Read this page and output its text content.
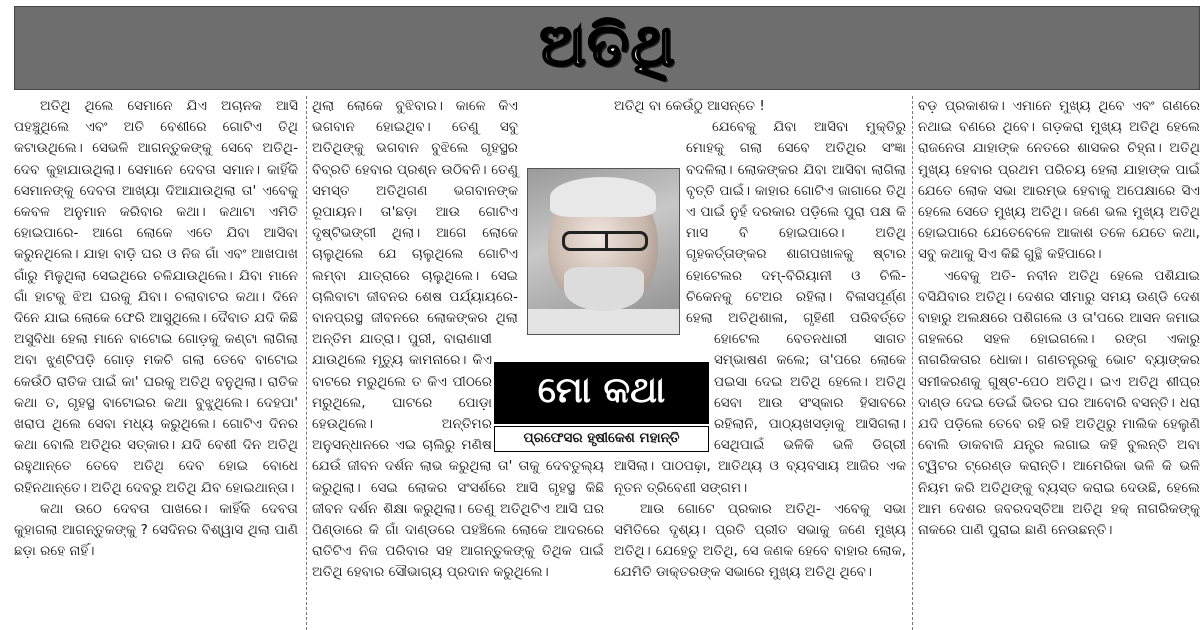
ଅତିଥି

ଅତିଥି ଥିଲେ ସେମାନେ ଯିଏ ଅଚାନକ ଆସି ପହଞ୍ଚୁଥିଲେ ଏବଂ ଅତି ବେଶୀରେ ଗୋଟିଏ ତିଥି କଟାଉଥିଲେ। ସେଭଳି ଆଗନ୍ତୁକଙ୍କୁ ସେବେ ଅତିଥି-ଦେବ କୁହାଯାଉଥିଲା। ସେମାନେ ଦେବତା ସମାନ। କାହିଁକି ସେମାନଙ୍କୁ ଦେବତା ଆଖ୍ୟା ଦିଆଯାଉଥିଲା ତା' ଏବେକୁ କେବଳ ଅନୁମାନ କରିବାର କଥା। କଥାଟା ଏମିତି ହୋଇପାରେ- ଆଗେ ଲୋକେ ଏତେ ଯିବା ଆସିବା କରୁନଥିଲେ। ଯାହା ବାଡ଼ି ଘର ଓ ନିଜ ଗାଁ ଏବଂ ଆଖପାଖ ଗାଁରୁ ମିଳୁଥିଲା ସେଇଥିରେ ଚଳିଯାଉଥିଲେ। ଯିବା ମାନେ ଗାଁ ହାଟକୁ ଝିଅ ଘରକୁ ଯିବା। ଚଲାବାଟର କଥା। ଦିନେ ଦିନେ ଯାଇ ଲୋକେ ଫେରି ଆସୁଥିଲେ। ଦୈବାତ ଯଦି କିଛି ଅସୁବିଧା ହେଲା ମାନେ ବାଟୋଇ ଗୋଡ଼କୁ କଣ୍ଟା ଲାଗିଲା ଅବା ଝୁଣ୍ଟିପଡ଼ି ଗୋଡ଼ ମକଚି ଗଲା ତେବେ ବାଟୋଇ କେଉଁଠି ରାତିକ ପାଇଁ କା' ଘରକୁ ଅତିଥି ବନୁଥିଲା। ରାତିକ କଥା ତ, ଗୃହସ୍ଥ ବାଟୋଇର କଥା ବୁଝୁଥିଲେ। ଦେହପା' ଖରାପ ଥିଲେ ସେବା ମଧ୍ୟ କରୁଥିଲେ। ଗୋଟିଏ ଦିନର କଥା ବୋଲି ଅତିଥିର ସତ୍କାର। ଯଦି ବେଶୀ ଦିନ ଅତିଥି ରହୁଥାନ୍ତେ ତେବେ ଅତିଥି ଦେବ ହୋଇ ବୋଧେ ରହିନଥାନ୍ତେ। ଅତିଥି ଦେବରୁ ଅତିଥି ଯିବ ହୋଇଥାନ୍ତା।

କଥା ଉଠେ ଦେବତା ପାଖରେ। କାହିଁକି ଦେବତା କୁହାଗଲା ଆଗନ୍ତୁକଙ୍କୁ ? ସେଦିନର ବିଶ୍ୱାସ ଥିଲା ପାଣି ଛଡ଼ା ରହେ ନାହିଁ।

ଥିଲା ଲୋକେ ବୁଝିବାର। କାଳେ କିଏ ଭଗବାନ ହୋଇଥିବ। ତେଣୁ ସବୁ ଅତିଥିଙ୍କୁ ଭଗବାନ ବୁଝିଲେ ଗୃହସ୍ଥର ବିବ୍ରତି ହେବାର ପ୍ରଶ୍ନ ଉଠିବନି। ତେଣୁ ସମସ୍ତ ଅତିଥିଗଣ ଭଗବାନଙ୍କ ରୂପାୟନ। ତା'ଛଡ଼ା ଆଉ ଗୋଟିଏ ଦୃଷ୍ଟିଭଙ୍ଗୀ ଥିଲା। ଆଗେ ଲୋକେ ଚାଲୁଥିଲେ ଯେ ଚାଲୁଥିଲେ ଗୋଟିଏ ଲମ୍ବା ଯାତ୍ରାରେ ଚାଲୁଥିଲେ। ସେଇ ଚାଲିବାଟା ଜୀବନର ଶେଷ ପର୍ଯ୍ୟାୟରେ- ବାନପ୍ରସ୍ଥ ଜୀବନରେ ଲୋକଙ୍କର ଥିଲା ଅନ୍ତିମ ଯାତ୍ରା। ପୁରୀ, ବାରାଣାସୀ ଯାଉଥିଲେ ମୃତ୍ୟୁ କାମନାରେ। କିଏ ବାଟରେ ମରୁଥିଲେ ତ କିଏ ପୀଠରେ ମରୁଥିଲେ, ଘାଟରେ ପୋଡ଼ା ହେଉଥିଲେ। ଅନ୍ତିମର ଅନୁସନ୍ଧାନରେ ଏଇ ଚାଲିରୁ ମଣିଷ ଯେଉଁ ଜୀବନ ଦର୍ଶନ ଲାଭ କରୁଥିଲା ତା' ତାକୁ ଦେବତୁଲ୍ୟ କରୁଥିଲା। ସେଇ ଲୋକର ସଂସର୍ଶରେ ଆସି ଗୃହସ୍ଥ କିଛି ଜୀବନ ଦର୍ଶନ ଶିକ୍ଷା କରୁଥିଲା। ତେଣୁ ଅତିଥିଟିଏ ଆସି ଘର ପିଣ୍ଡାରେ କି ଗାଁ ଦାଣ୍ଡରେ ପହଞ୍ଚିଲେ ଲୋକେ ଆଦରରେ ରାତିଟିଏ ନିଜ ପରିବାର ସହ ଆଗନ୍ତୁକଙ୍କୁ ତିଥିକ ପାଇଁ ଅତିଥି ହେବାର ସୌଭାଗ୍ୟ ପ୍ରଦାନ କରୁଥିଲେ।

ଅତିଥି ବା କେଉଁଠୁ ଆସନ୍ତେ !

ଯେବେକୁ ଯିବା ଆସିବା ମୁକ୍ତିରୁ ମୋହକୁ ଗଲା ସେବେ ଅତିଥିର ସଂଜ୍ଞା ବଦଳିଲା। ଲୋକଙ୍କର ଯିବା ଆସିବା ଲାଗିଲା ବୃତ୍ତି ପାଇଁ। କାହାର ଗୋଟିଏ ଜାଗାରେ ତିଥି ଏ ପାଇଁ ନୁହଁ ଦରକାର ପଡ଼ିଲେ ପୁରା ପକ୍ଷ କି ମାସ ବି ହୋଇପାରେ। ଅତିଥି ଗୃହକର୍ତ୍ତାଙ୍କର ଶାଗପଖାଳକୁ ଷ୍ଟାର ହୋଟେଲର ଦମ୍-ବିରିୟାନୀ ଓ ଚିଲି- ଚିକେନକୁ ଟେଅର ରହିଲା। ବିଳାସପୂର୍ଣ୍ଣ ହେଲା ଅତିଥିଶାଳା, ଗୃହିଣୀ ପରିବର୍ତ୍ତେ ହୋଟେଲ ବେତନଧାରୀ ସାଗତ ସମ୍ଭାଷଣ କଲେ; ତା'ପରେ ଲୋକେ ପଇସା ଦେଇ ଅତିଥି ହେଲେ। ଅତିଥି ସେବା ଆଉ ସଂସ୍କାର ହିସାବରେ ରହିଲାନି, ପାଠ୍ୟଖସଡ଼ାକୁ ଆସିଗଲା। ସେଥିପାଇଁ ଭଳିକି ଭଳି ଡିଗ୍ରୀ ଆସିଲା। ପାଠପଢ଼ା, ଆତିଥ୍ୟ ଓ ବ୍ୟବସାୟ ଆଜିର ଏକ ନୂତନ ତ୍ରିବେଣୀ ସଙ୍ଗମ।

ଆଉ ଗୋଟେ ପ୍ରକାର ଅତିଥି- ଏବେକୁ ସଭା ସମିତିରେ ଦୃଶ୍ୟ। ପ୍ରତି ପ୍ରୀତ ସଭାକୁ ଜଣେ ମୁଖ୍ୟ ଅତିଥି। ଯେହେତୁ ଅତିଥି, ସେ ଜଣକ ହେବେ ବାହାର ଲୋକ, ଯେମିତି ଡାକ୍ତରଙ୍କ ସଭାରେ ମୁଖ୍ୟ ଅତିଥି ଥିବେ।

ବଡ଼ ପ୍ରକାଶକ। ଏମାନେ ମୁଖ୍ୟ ଥିବେ ଏବଂ ଗଣରେ ନଥାଇ ବଣରେ ଥିବେ। ଗଡ଼କରା ମୁଖ୍ୟ ଅତିଥି ହେଲେ ରାଜନେତା ଯାହାଙ୍କ ନେତରେ ଶାସକର ଚିହ୍ନା। ଅତିଥି ମୁଖ୍ୟ ହେବାର ପ୍ରଥମ ପରିଚୟ ହେଲା ଯାହାଙ୍କ ପାଇଁ ଯେତେ ଲୋକ ସଭା ଆରମ୍ଭ ହେବାକୁ ଅପେକ୍ଷାରେ ସିଏ ହେଲେ ସେତେ ମୁଖ୍ୟ ଅତିଥି। ଜଣେ ଭଲ ମୁଖ୍ୟ ଅତିଥି ହୋଇପାରେ ଯେତେବେଳେ ଆକାଶ ତଳେ ଯେତେ କଥା, ସବୁ କଥାକୁ ସିଏ କିଛି ଗୁନ୍ଥି କହିପାରେ।

ଏବେକୁ ଅତି- ନବୀନ ଅତିଥି ହେଲେ ପଶିଯାଇ ବସିଯିବାର ଅତିଥି। ଦେଶର ସୀମାରୁ ସମୟ ଉଣ୍ଡି ଦେଶ ବାହାରୁ ଅଲକ୍ଷରେ ପଶିଗଲେ ଓ ତା'ପରେ ଆସନ ଜମାଇ ଗହଳରେ ସହଳ ହୋଇଗଲେ। ରଙ୍ଗ ଏକାରୁ ନାଗରିକତାର ଧୋକା। ଗଣତନ୍ତ୍ରକୁ ଭୋଟ ବ୍ୟାଙ୍କର ସମୀକରଣକୁ ଗୁଷ୍ଟ-ପେଠ ଅତିଥି। ଇଏ ଅତିଥି ଶୀଘ୍ର ଦାଣ୍ଡ ଦେଇ ଡେଇଁ ଭିତର ଘର ଆବୋରି ବସନ୍ତି। ଧରା ଯଦି ପଡ଼ିଲେ ତେବେ ରହି ରହି ଅତିଥିରୁ ମାଲିକ ହେଲୁଣି ବୋଲି ଡାକବାଜି ଯନ୍ତ୍ର ଲଗାଇ କହି ବୁଲନ୍ତି ଅବା ଟ୍ୱିଟର ଟ୍ରେଣ୍ଡ କରାନ୍ତି। ଆମେରିକା ଭଳି କି ଭଳି ନିୟମ କରି ଅତିଥିଙ୍କୁ ବ୍ୟସ୍ତ କରାଇ ଦେଉଛି, ହେଲେ ଆମ ଦେଶର ଜବରଦସ୍ତିଆ ଅତିଥି ହକ୍ ନାଗରିକଙ୍କୁ ନାକରେ ପାଣି ପୁରାଇ ଛାଣି ନେଉଛନ୍ତି।

ମୋ କଥା
ପ୍ରଫେସର ହୃଷୀକେଶ ମହାନ୍ତି
